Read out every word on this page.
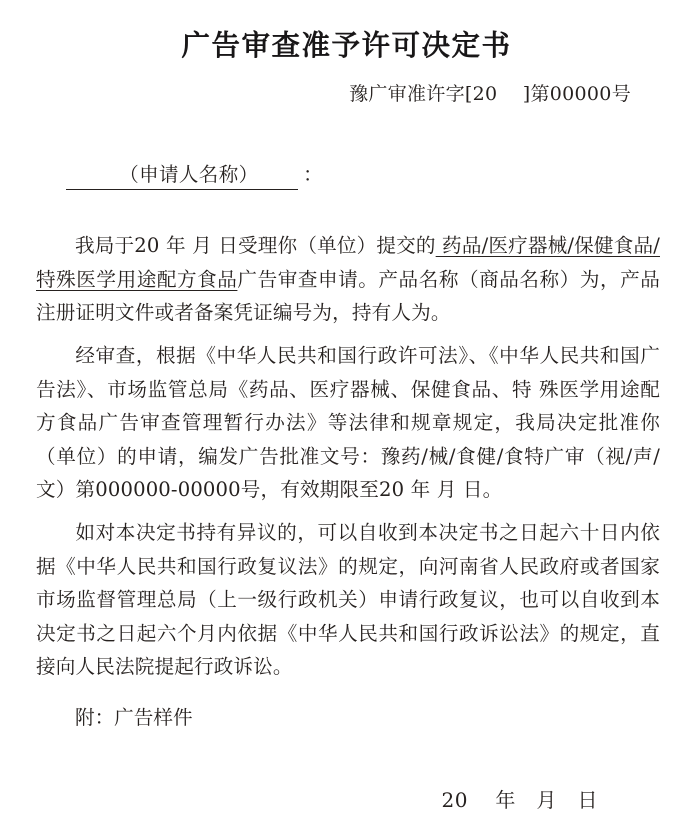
广告审查准予许可决定书
豫广审准许字[20    ]第00000号

（申请人名称） ：

我局于20 年 月 日受理你（单位）提交的 药品/医疗器械/保健食品/特殊医学用途配方食品广告审查申请。产品名称（商品名称）为，产品注册证明文件或者备案凭证编号为，持有人为。

经审查，根据《中华人民共和国行政许可法》、《中华人民共和国广告法》、市场监管总局《药品、医疗器械、保健食品、特 殊医学用途配方食品广告审查管理暂行办法》等法律和规章规定，我局决定批准你（单位）的申请，编发广告批准文号：豫药/械/食健/食特广审（视/声/文）第000000-00000号，有效期限至20 年 月 日。

如对本决定书持有异议的，可以自收到本决定书之日起六十日内依据《中华人民共和国行政复议法》的规定，向河南省人民政府或者国家市场监督管理总局（上一级行政机关）申请行政复议，也可以自收到本决定书之日起六个月内依据《中华人民共和国行政诉讼法》的规定，直接向人民法院提起行政诉讼。

附：广告样件
20    年   月   日
